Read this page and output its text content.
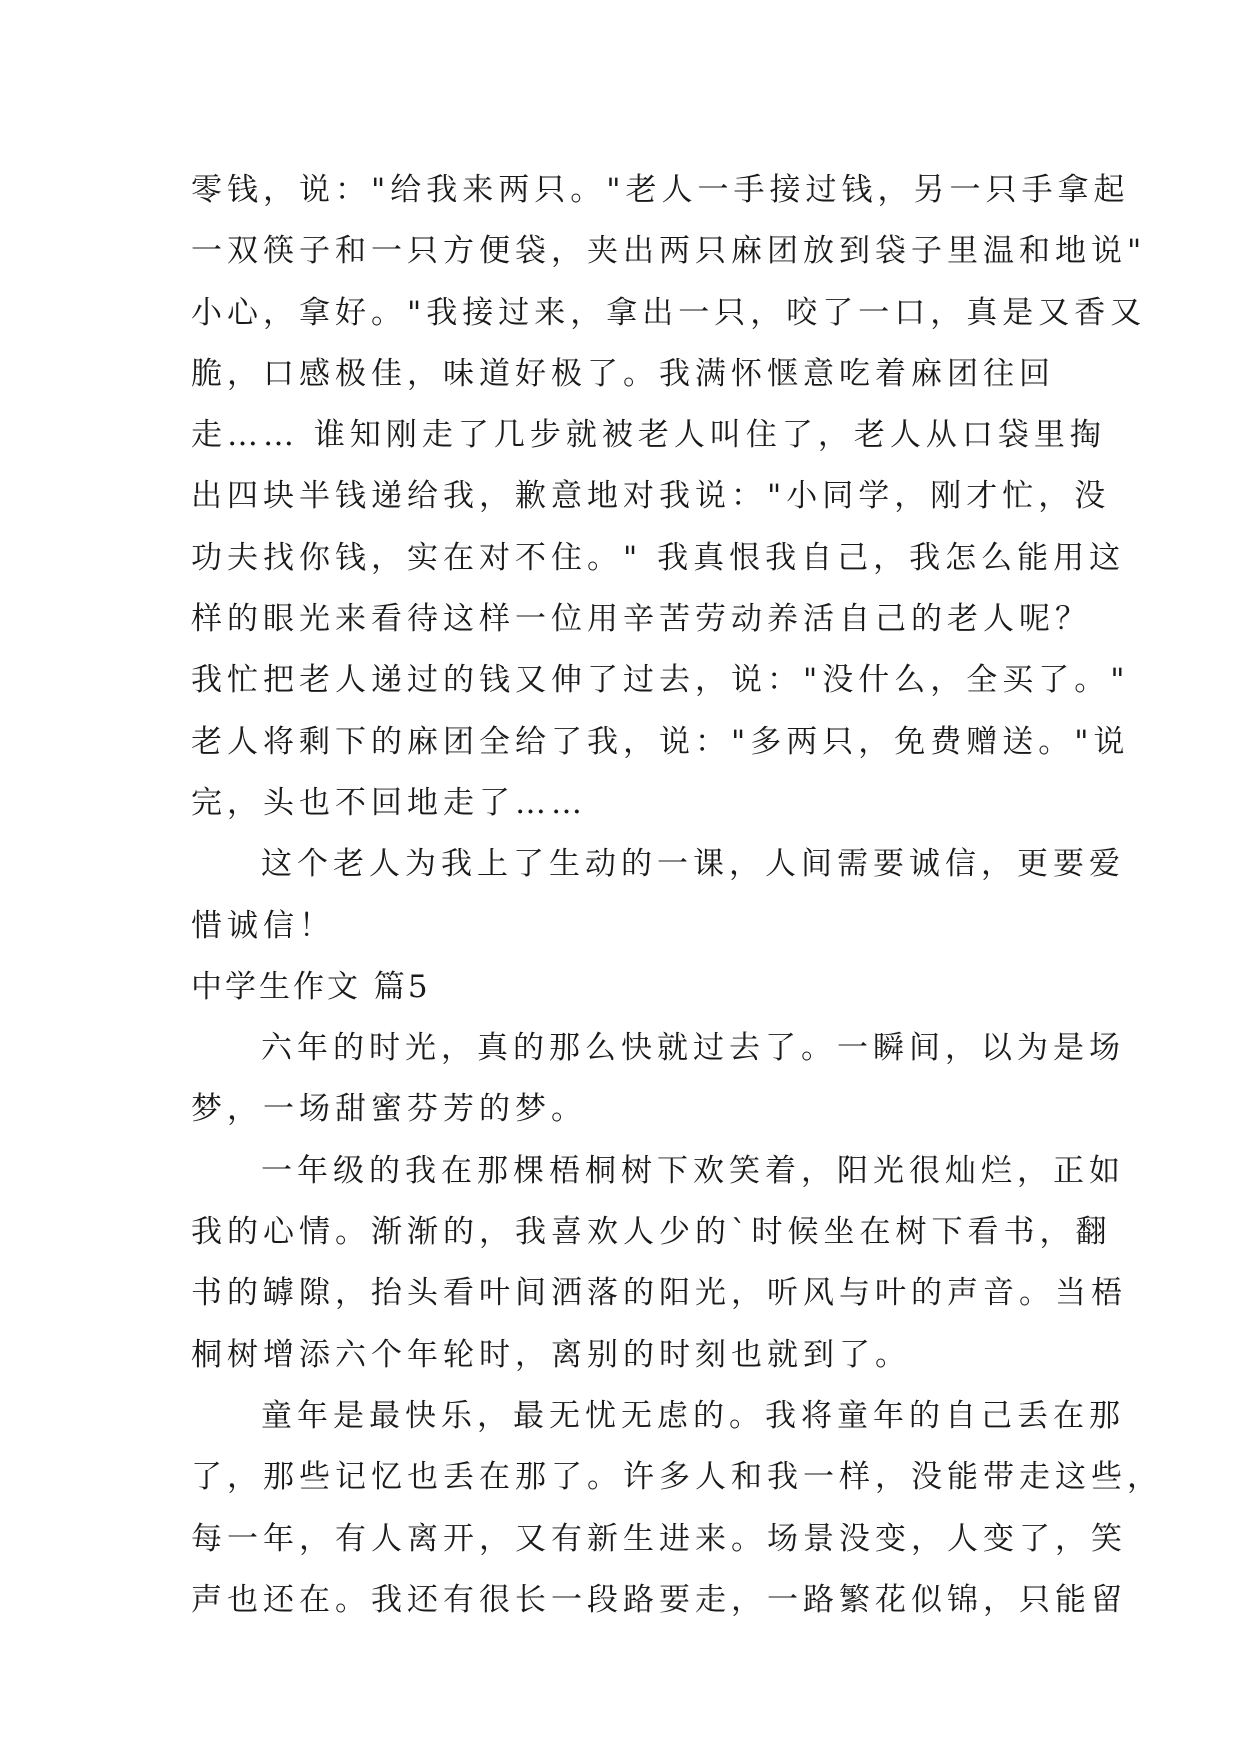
零钱，说："给我来两只。"老人一手接过钱，另一只手拿起
一双筷子和一只方便袋，夹出两只麻团放到袋子里温和地说"
小心，拿好。"我接过来，拿出一只，咬了一口，真是又香又
脆，口感极佳，味道好极了。我满怀惬意吃着麻团往回
走…… 谁知刚走了几步就被老人叫住了，老人从口袋里掏
出四块半钱递给我，歉意地对我说："小同学，刚才忙，没
功夫找你钱，实在对不住。" 我真恨我自己，我怎么能用这
样的眼光来看待这样一位用辛苦劳动养活自己的老人呢？
我忙把老人递过的钱又伸了过去，说："没什么，全买了。"
老人将剩下的麻团全给了我，说："多两只，免费赠送。"说
完，头也不回地走了……
这个老人为我上了生动的一课，人间需要诚信，更要爱
惜诚信！
中学生作文 篇5
六年的时光，真的那么快就过去了。一瞬间，以为是场
梦，一场甜蜜芬芳的梦。
一年级的我在那棵梧桐树下欢笑着，阳光很灿烂，正如
我的心情。渐渐的，我喜欢人少的`时候坐在树下看书，翻
书的罅隙，抬头看叶间洒落的阳光，听风与叶的声音。当梧
桐树增添六个年轮时，离别的时刻也就到了。
童年是最快乐，最无忧无虑的。我将童年的自己丢在那
了，那些记忆也丢在那了。许多人和我一样，没能带走这些，
每一年，有人离开，又有新生进来。场景没变，人变了，笑
声也还在。我还有很长一段路要走，一路繁花似锦，只能留
